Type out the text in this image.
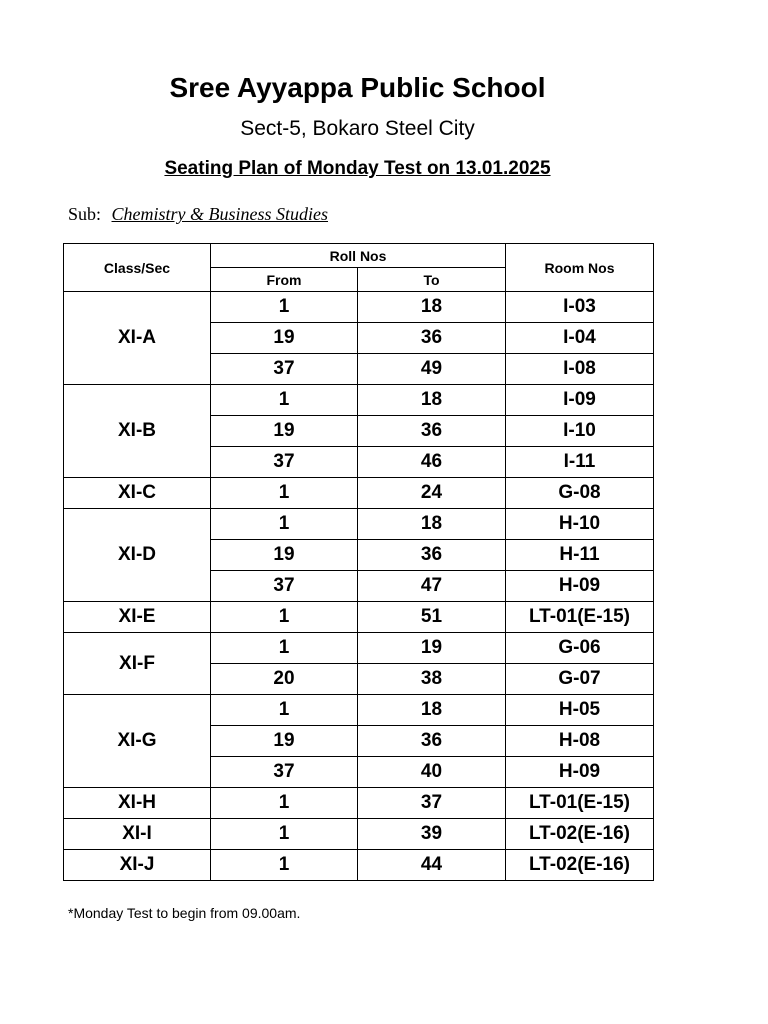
Sree Ayyappa Public School
Sect-5, Bokaro Steel City
Seating Plan of Monday Test on 13.01.2025
Sub: Chemistry & Business Studies
Class/Sec	Roll Nos		Room Nos
	From	To	
XI-A	1	18	I-03
	19	36	I-04
	37	49	I-08
XI-B	1	18	I-09
	19	36	I-10
	37	46	I-11
XI-C	1	24	G-08
XI-D	1	18	H-10
	19	36	H-11
	37	47	H-09
XI-E	1	51	LT-01(E-15)
XI-F	1	19	G-06
	20	38	G-07
XI-G	1	18	H-05
	19	36	H-08
	37	40	H-09
XI-H	1	37	LT-01(E-15)
XI-I	1	39	LT-02(E-16)
XI-J	1	44	LT-02(E-16)
*Monday Test to begin from 09.00am.
